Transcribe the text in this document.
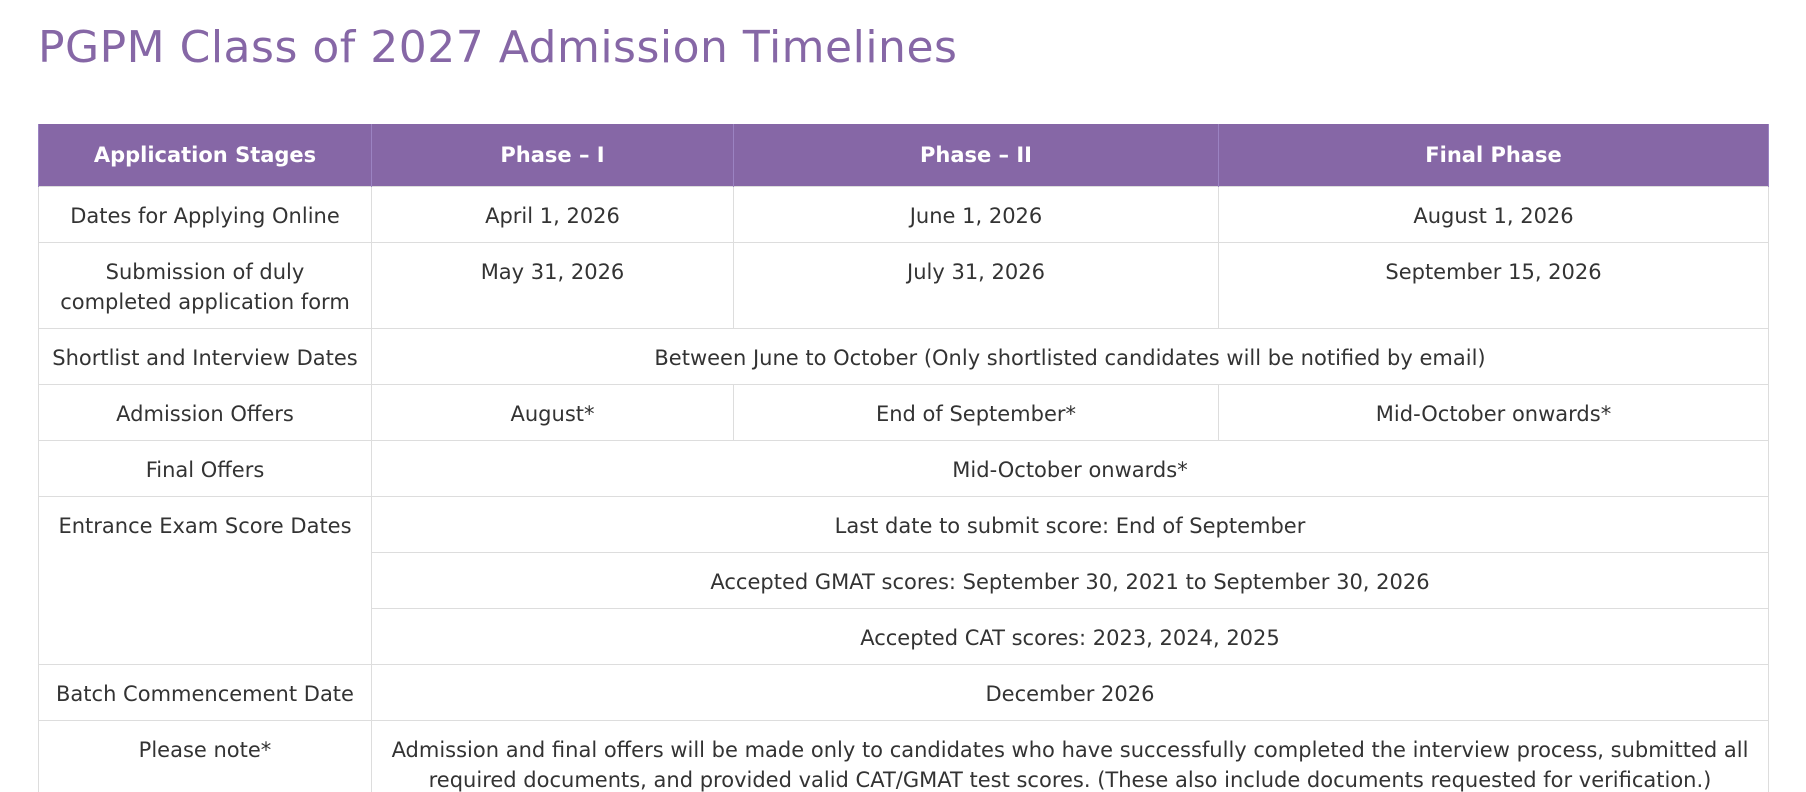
PGPM Class of 2027 Admission Timelines
Application Stages	Phase – I	Phase – II	Final Phase
Dates for Applying Online	April 1, 2026	June 1, 2026	August 1, 2026
Submission of duly completed application form	May 31, 2026	July 31, 2026	September 15, 2026
Shortlist and Interview Dates	Between June to October (Only shortlisted candidates will be notified by email)		
Admission Offers	August*	End of September*	Mid-October onwards*
Final Offers	Mid-October onwards*		
Entrance Exam Score Dates	Last date to submit score: End of September		
	Accepted GMAT scores: September 30, 2021 to September 30, 2026		
	Accepted CAT scores: 2023, 2024, 2025		
Batch Commencement Date	December 2026		
Please note*	Admission and final offers will be made only to candidates who have successfully completed the interview process, submitted all required documents, and provided valid CAT/GMAT test scores. (These also include documents requested for verification.)		
